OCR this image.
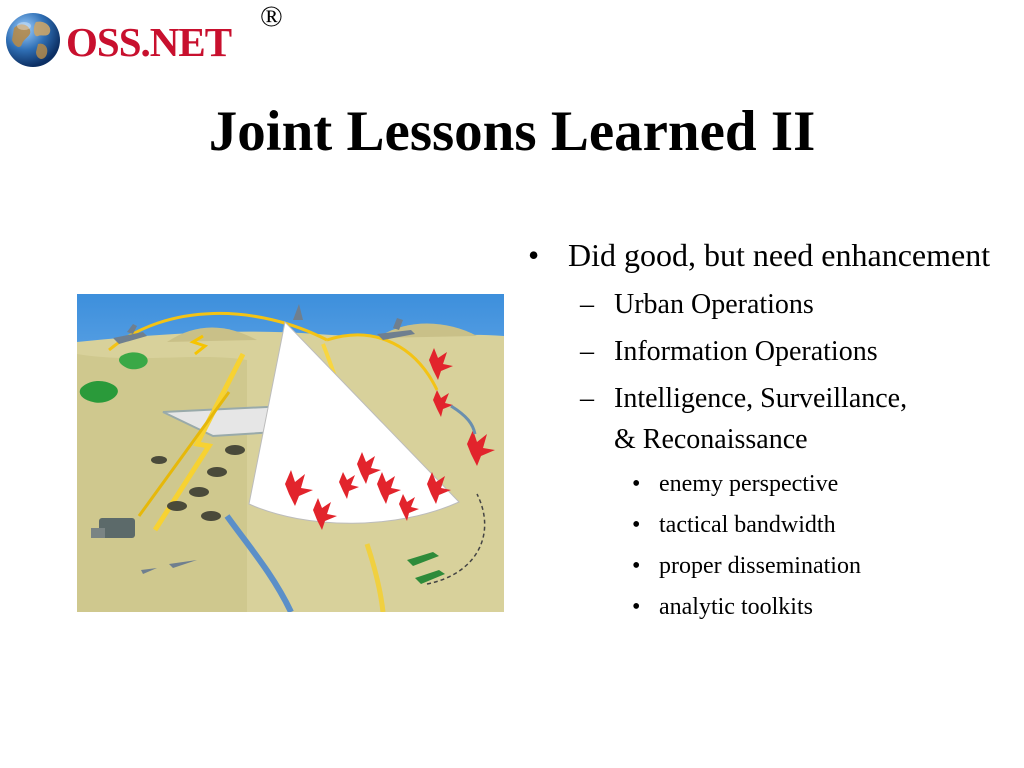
OSS.NET
®
Joint Lessons Learned II
• Did good, but need enhancement
– Urban Operations
– Information Operations
– Intelligence, Surveillance, & Reconaissance
• enemy perspective
• tactical bandwidth
• proper dissemination
• analytic toolkits
